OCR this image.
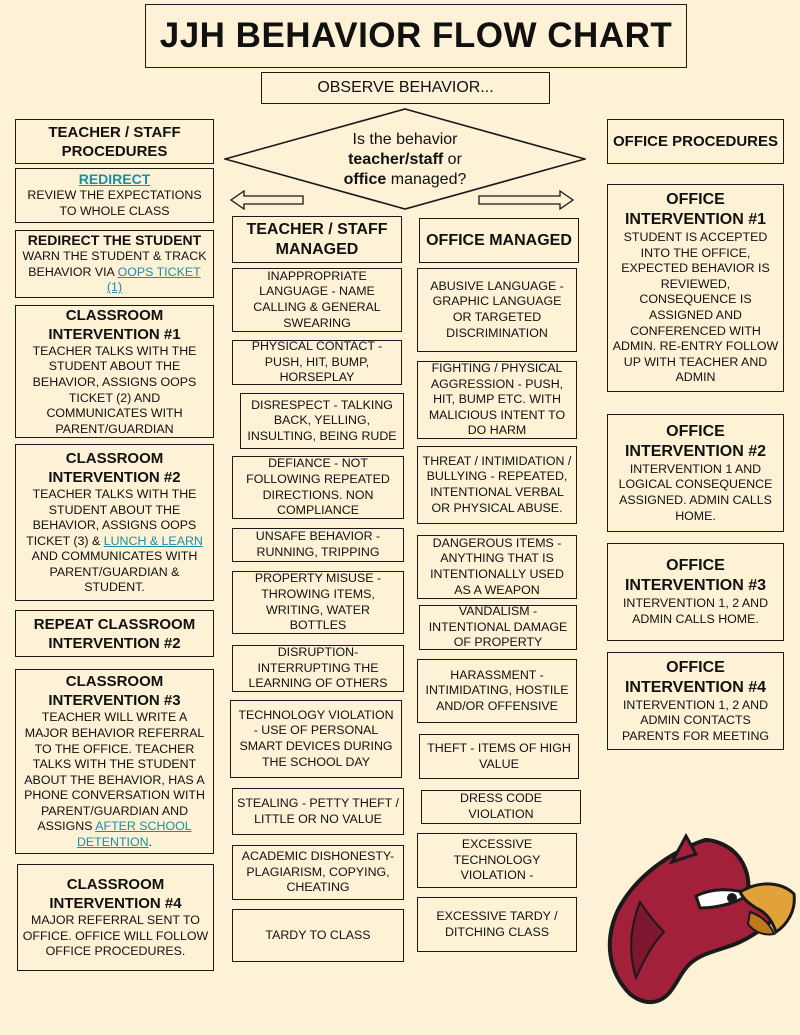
JJH BEHAVIOR FLOW CHART
OBSERVE BEHAVIOR...
Is the behavior
teacher/staff or
office managed?
TEACHER / STAFF PROCEDURES
REDIRECT
REVIEW THE EXPECTATIONS TO WHOLE CLASS
REDIRECT THE STUDENT
WARN THE STUDENT & TRACK BEHAVIOR VIA OOPS TICKET (1)
CLASSROOM INTERVENTION #1
TEACHER TALKS WITH THE STUDENT ABOUT THE BEHAVIOR, ASSIGNS OOPS TICKET (2) AND COMMUNICATES WITH PARENT/GUARDIAN
CLASSROOM INTERVENTION #2
TEACHER TALKS WITH THE STUDENT ABOUT THE BEHAVIOR, ASSIGNS OOPS TICKET (3) & LUNCH & LEARN AND COMMUNICATES WITH PARENT/GUARDIAN & STUDENT.
REPEAT CLASSROOM INTERVENTION #2
CLASSROOM INTERVENTION #3
TEACHER WILL WRITE A MAJOR BEHAVIOR REFERRAL TO THE OFFICE. TEACHER TALKS WITH THE STUDENT ABOUT THE BEHAVIOR, HAS A PHONE CONVERSATION WITH PARENT/GUARDIAN AND ASSIGNS AFTER SCHOOL DETENTION.
CLASSROOM INTERVENTION #4
MAJOR REFERRAL SENT TO OFFICE. OFFICE WILL FOLLOW OFFICE PROCEDURES.
TEACHER / STAFF MANAGED
INAPPROPRIATE LANGUAGE - NAME CALLING & GENERAL SWEARING
PHYSICAL CONTACT - PUSH, HIT, BUMP, HORSEPLAY
DISRESPECT - TALKING BACK, YELLING, INSULTING, BEING RUDE
DEFIANCE - NOT FOLLOWING REPEATED DIRECTIONS. NON COMPLIANCE
UNSAFE BEHAVIOR - RUNNING, TRIPPING
PROPERTY MISUSE - THROWING ITEMS, WRITING, WATER BOTTLES
DISRUPTION- INTERRUPTING THE LEARNING OF OTHERS
TECHNOLOGY VIOLATION - USE OF PERSONAL SMART DEVICES DURING THE SCHOOL DAY
STEALING - PETTY THEFT / LITTLE OR NO VALUE
ACADEMIC DISHONESTY- PLAGIARISM, COPYING, CHEATING
TARDY TO CLASS
OFFICE MANAGED
ABUSIVE LANGUAGE - GRAPHIC LANGUAGE OR TARGETED DISCRIMINATION
FIGHTING / PHYSICAL AGGRESSION - PUSH, HIT, BUMP ETC. WITH MALICIOUS INTENT TO DO HARM
THREAT / INTIMIDATION / BULLYING - REPEATED, INTENTIONAL VERBAL OR PHYSICAL ABUSE.
DANGEROUS ITEMS - ANYTHING THAT IS INTENTIONALLY USED AS A WEAPON
VANDALISM - INTENTIONAL DAMAGE OF PROPERTY
HARASSMENT - INTIMIDATING, HOSTILE AND/OR OFFENSIVE
THEFT - ITEMS OF HIGH VALUE
DRESS CODE VIOLATION
EXCESSIVE TECHNOLOGY VIOLATION -
EXCESSIVE TARDY / DITCHING CLASS
OFFICE PROCEDURES
OFFICE INTERVENTION #1
STUDENT IS ACCEPTED INTO THE OFFICE, EXPECTED BEHAVIOR IS REVIEWED, CONSEQUENCE IS ASSIGNED AND CONFERENCED WITH ADMIN. RE-ENTRY FOLLOW UP WITH TEACHER AND ADMIN
OFFICE INTERVENTION #2
INTERVENTION 1 AND LOGICAL CONSEQUENCE ASSIGNED. ADMIN CALLS HOME.
OFFICE INTERVENTION #3
INTERVENTION 1, 2 AND ADMIN CALLS HOME.
OFFICE INTERVENTION #4
INTERVENTION 1, 2 AND ADMIN CONTACTS PARENTS FOR MEETING
